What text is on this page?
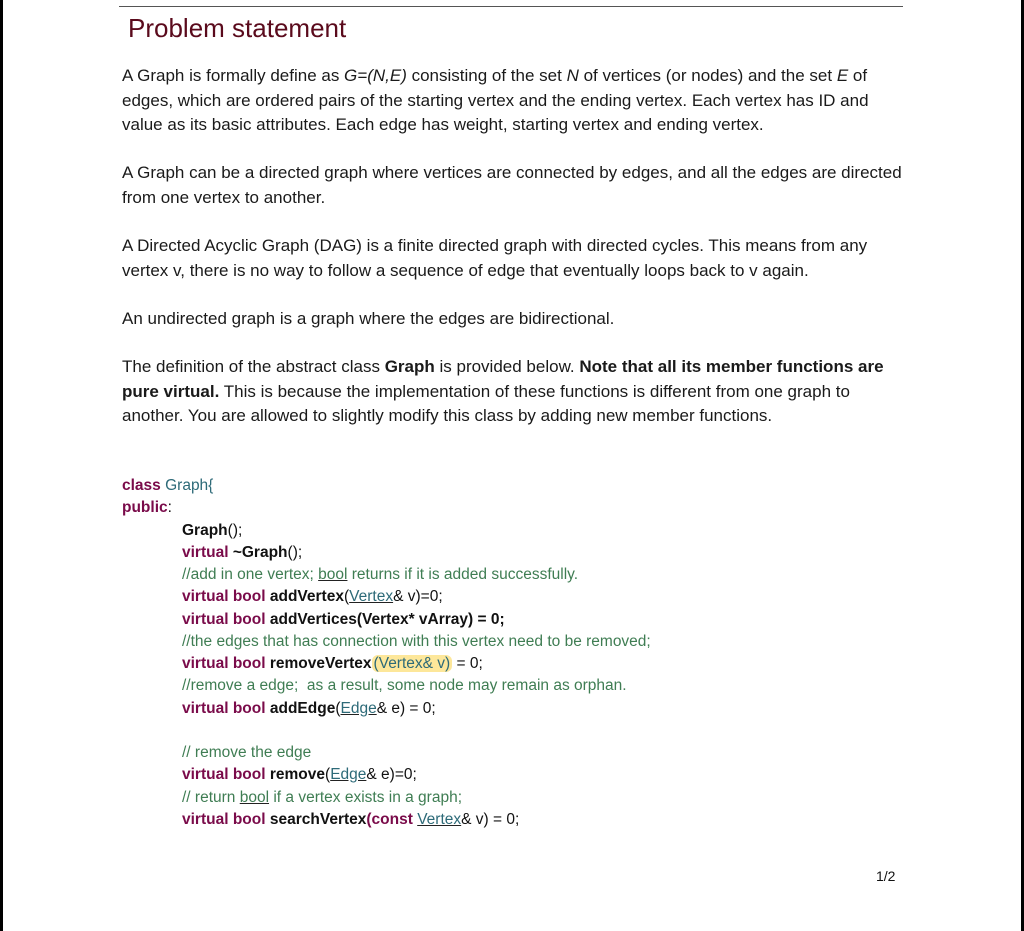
Problem statement
A Graph is formally define as G=(N,E) consisting of the set N of vertices (or nodes) and the set E of edges, which are ordered pairs of the starting vertex and the ending vertex. Each vertex has ID and value as its basic attributes. Each edge has weight, starting vertex and ending vertex.
A Graph can be a directed graph where vertices are connected by edges, and all the edges are directed from one vertex to another.
A Directed Acyclic Graph (DAG) is a finite directed graph with directed cycles. This means from any vertex v, there is no way to follow a sequence of edge that eventually loops back to v again.
An undirected graph is a graph where the edges are bidirectional.
The definition of the abstract class Graph is provided below. Note that all its member functions are pure virtual. This is because the implementation of these functions is different from one graph to another. You are allowed to slightly modify this class by adding new member functions.
class Graph{
public:
Graph();
virtual ~Graph();
//add in one vertex; bool returns if it is added successfully.
virtual bool addVertex(Vertex& v)=0;
virtual bool addVertices(Vertex* vArray) = 0;
//the edges that has connection with this vertex need to be removed;
virtual bool removeVertex (Vertex& v) = 0;
//remove a edge;  as a result, some node may remain as orphan.
virtual bool addEdge(Edge& e) = 0;
// remove the edge
virtual bool remove(Edge& e)=0;
// return bool if a vertex exists in a graph;
virtual bool searchVertex(const Vertex& v) = 0;
1/2
